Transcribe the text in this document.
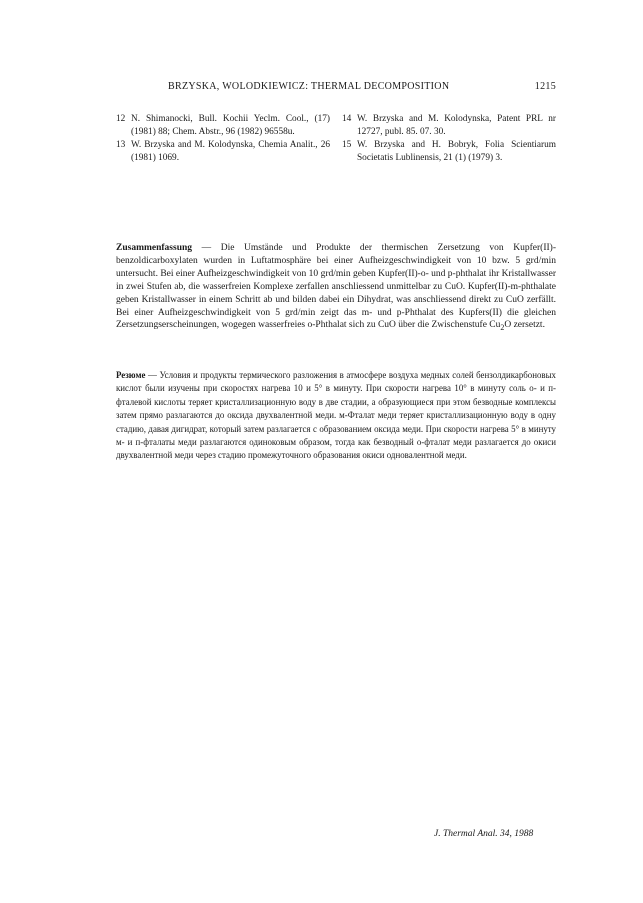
BRZYSKA, WOLODKIEWICZ: THERMAL DECOMPOSITION	1215

12 N. Shimanocki, Bull. Kochii Yeclm. Cool., (17) (1981) 88; Chem. Abstr., 96 (1982) 96558u.

13 W. Brzyska and M. Kolodynska, Chemia Analit., 26 (1981) 1069.

14 W. Brzyska and M. Kolodynska, Patent PRL nr 12727, publ. 85. 07. 30.

15 W. Brzyska and H. Bobryk, Folia Scientiarum Societatis Lublinensis, 21 (1) (1979) 3.

Zusammenfassung — Die Umstände und Produkte der thermischen Zersetzung von Kupfer(II)-benzoldicarboxylaten wurden in Luftatmosphäre bei einer Aufheizgeschwindigkeit von 10 bzw. 5 grd/min untersucht. Bei einer Aufheizgeschwindigkeit von 10 grd/min geben Kupfer(II)-o- und p-phthalat ihr Kristallwasser in zwei Stufen ab, die wasserfreien Komplexe zerfallen anschliessend unmittelbar zu CuO. Kupfer(II)-m-phthalate geben Kristallwasser in einem Schritt ab und bilden dabei ein Dihydrat, was anschliessend direkt zu CuO zerfällt. Bei einer Aufheizgeschwindigkeit von 5 grd/min zeigt das m- und p-Phthalat des Kupfers(II) die gleichen Zersetzungserscheinungen, wogegen wasserfreies o-Phthalat sich zu CuO über die Zwischenstufe $Cu_2O$ zersetzt.

Резюме — Условия и продукты термического разложения в атмосфере воздуха медных солей бензолдикарбоновых кислот были изучены при скоростях нагрева 10 и 5° в минуту. При скорости нагрева 10° в минуту соль о- и п-фталевой кислоты теряет кристаллизационную воду в две стадии, а образующиеся при этом безводные комплексы затем прямо разлагаются до оксида двухвалентной меди. м-Фталат меди теряет кристаллизационную воду в одну стадию, давая дигидрат, который затем разлагается с образованием оксида меди. При скорости нагрева 5° в минуту м- и п-фталаты меди разлагаются одиноковым образом, тогда как безводный о-фталат меди разлагается до окиси двухвалентной меди через стадию промежуточного образования окиси одновалентной меди.

J. Thermal Anal. 34, 1988
